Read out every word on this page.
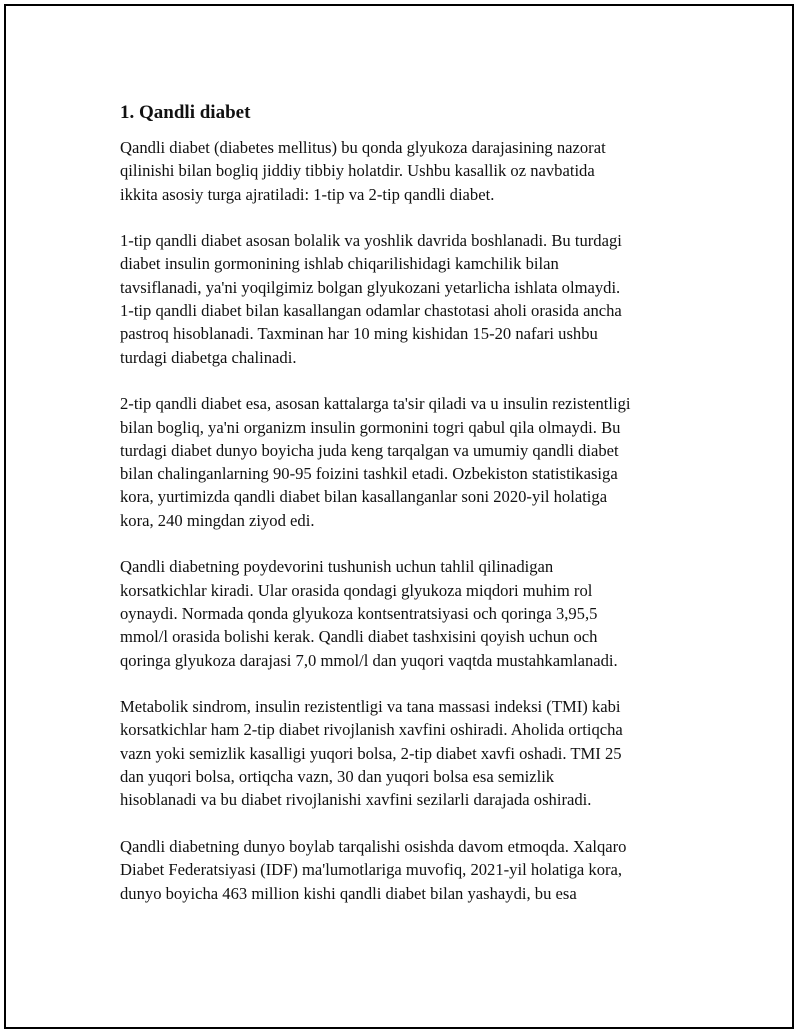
1. Qandli diabet
Qandli diabet (diabetes mellitus) bu qonda glyukoza darajasining nazorat
qilinishi bilan bogliq jiddiy tibbiy holatdir. Ushbu kasallik oz navbatida
ikkita asosiy turga ajratiladi: 1-tip va 2-tip qandli diabet.
1-tip qandli diabet asosan bolalik va yoshlik davrida boshlanadi. Bu turdagi
diabet insulin gormonining ishlab chiqarilishidagi kamchilik bilan
tavsiflanadi, ya'ni yoqilgimiz bolgan glyukozani yetarlicha ishlata olmaydi.
1-tip qandli diabet bilan kasallangan odamlar chastotasi aholi orasida ancha
pastroq hisoblanadi. Taxminan har 10 ming kishidan 15-20 nafari ushbu
turdagi diabetga chalinadi.
2-tip qandli diabet esa, asosan kattalarga ta'sir qiladi va u insulin rezistentligi
bilan bogliq, ya'ni organizm insulin gormonini togri qabul qila olmaydi. Bu
turdagi diabet dunyo boyicha juda keng tarqalgan va umumiy qandli diabet
bilan chalinganlarning 90-95 foizini tashkil etadi. Ozbekiston statistikasiga
kora, yurtimizda qandli diabet bilan kasallanganlar soni 2020-yil holatiga
kora, 240 mingdan ziyod edi.
Qandli diabetning poydevorini tushunish uchun tahlil qilinadigan
korsatkichlar kiradi. Ular orasida qondagi glyukoza miqdori muhim rol
oynaydi. Normada qonda glyukoza kontsentratsiyasi och qoringa 3,95,5
mmol/l orasida bolishi kerak. Qandli diabet tashxisini qoyish uchun och
qoringa glyukoza darajasi 7,0 mmol/l dan yuqori vaqtda mustahkamlanadi.
Metabolik sindrom, insulin rezistentligi va tana massasi indeksi (TMI) kabi
korsatkichlar ham 2-tip diabet rivojlanish xavfini oshiradi. Aholida ortiqcha
vazn yoki semizlik kasalligi yuqori bolsa, 2-tip diabet xavfi oshadi. TMI 25
dan yuqori bolsa, ortiqcha vazn, 30 dan yuqori bolsa esa semizlik
hisoblanadi va bu diabet rivojlanishi xavfini sezilarli darajada oshiradi.
Qandli diabetning dunyo boylab tarqalishi osishda davom etmoqda. Xalqaro
Diabet Federatsiyasi (IDF) ma'lumotlariga muvofiq, 2021-yil holatiga kora,
dunyo boyicha 463 million kishi qandli diabet bilan yashaydi, bu esa
